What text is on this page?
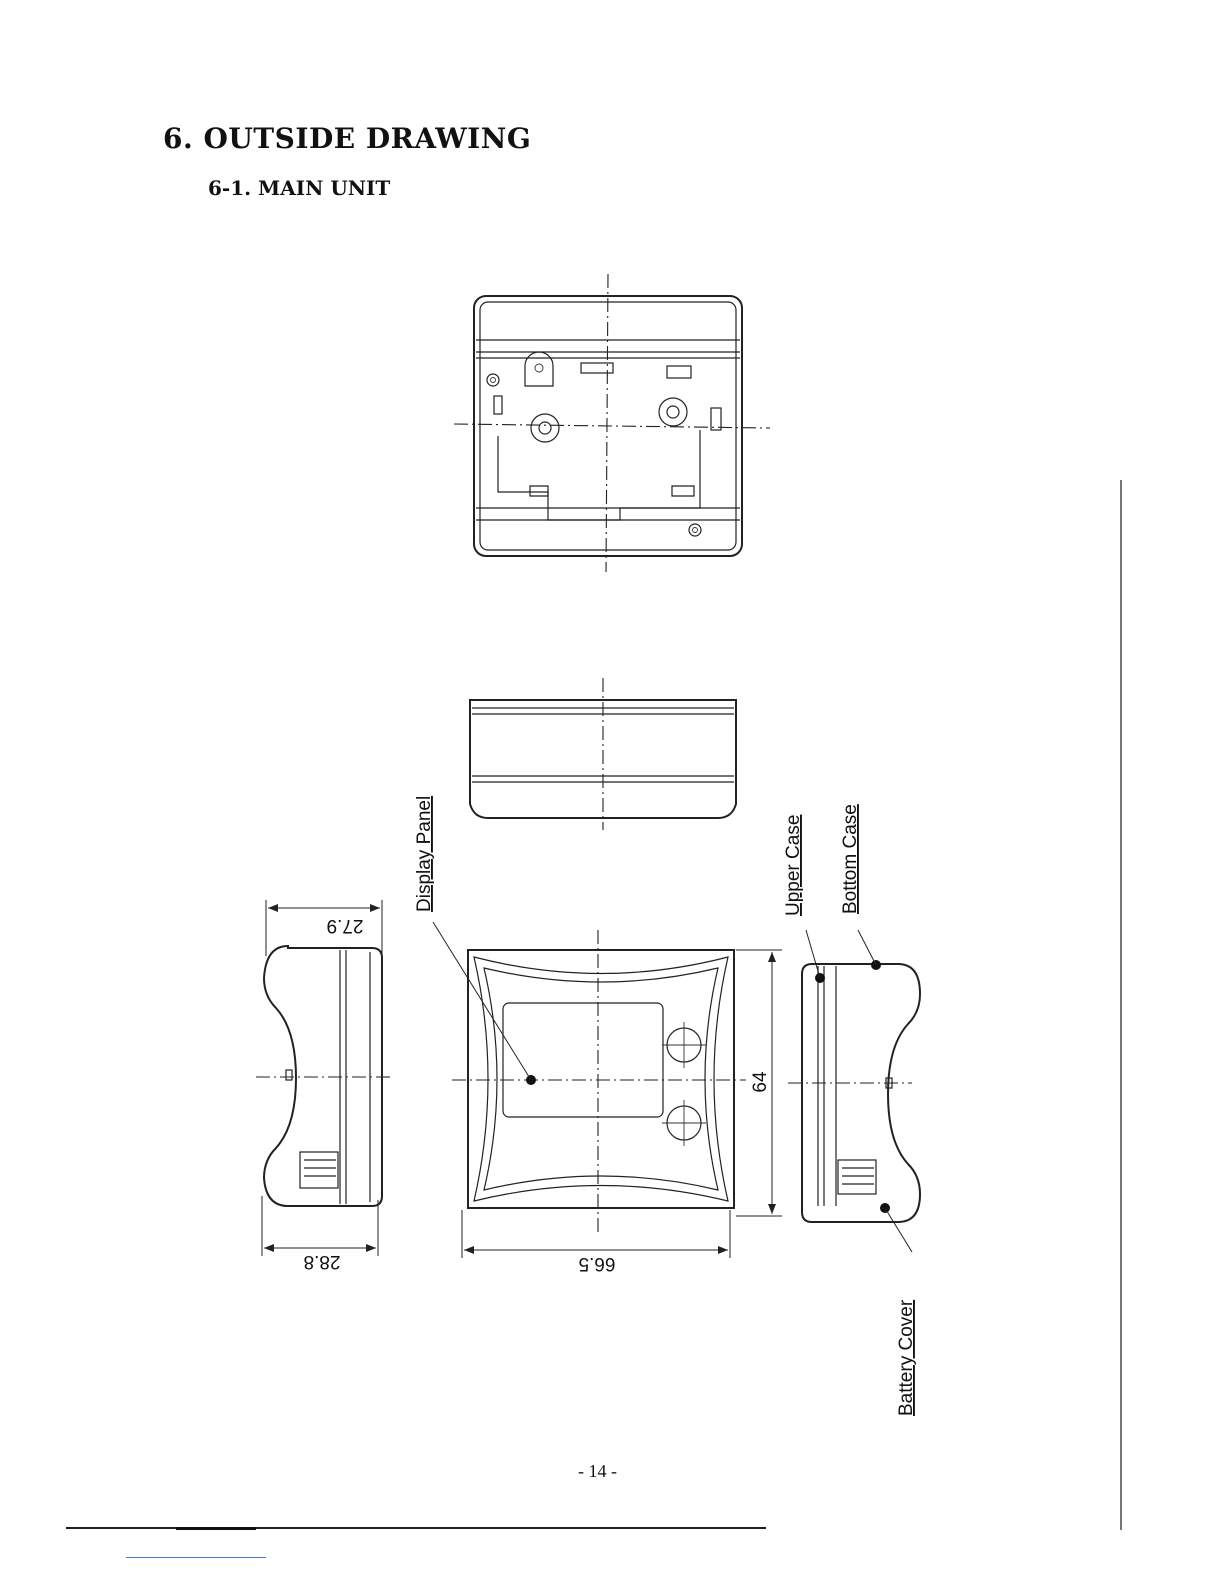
6. OUTSIDE DRAWING
6-1. MAIN UNIT
Display Panel	Upper Case Bottom Case
Battery Cover
27.9
28.8	66.5
64
- 14 -
